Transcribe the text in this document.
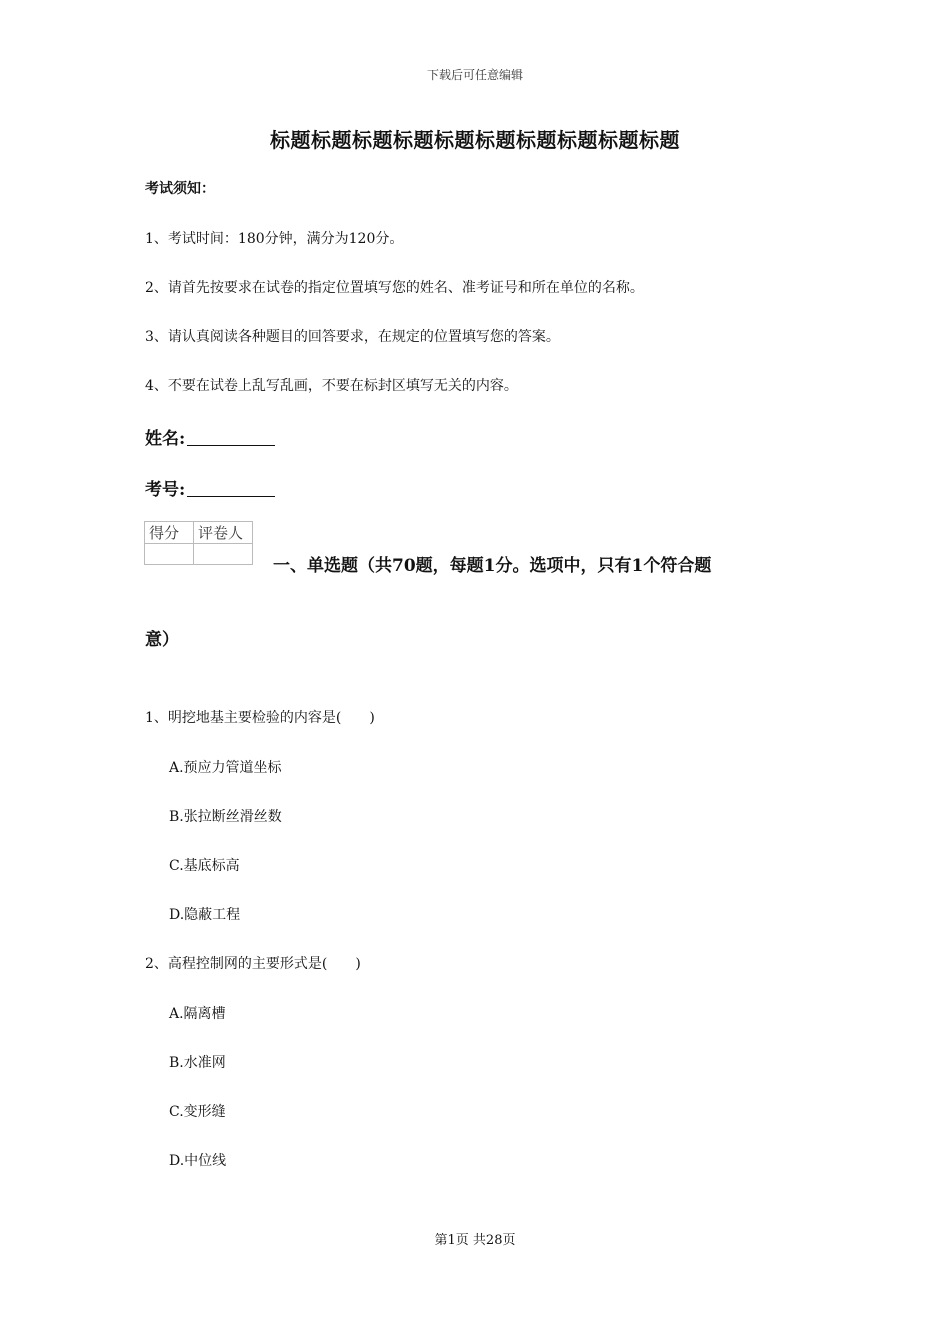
下载后可任意编辑
标题标题标题标题标题标题标题标题标题标题
考试须知：
1、考试时间：180分钟，满分为120分。
2、请首先按要求在试卷的指定位置填写您的姓名、准考证号和所在单位的名称。
3、请认真阅读各种题目的回答要求，在规定的位置填写您的答案。
4、不要在试卷上乱写乱画，不要在标封区填写无关的内容。
姓名:
考号:
得分	评卷人

一、单选题（共70题，每题1分。选项中，只有1个符合题
意）
1、明挖地基主要检验的内容是(　　)
A.预应力管道坐标
B.张拉断丝滑丝数
C.基底标高
D.隐蔽工程
2、高程控制网的主要形式是(　　)
A.隔离槽
B.水准网
C.变形缝
D.中位线
第1页 共28页
